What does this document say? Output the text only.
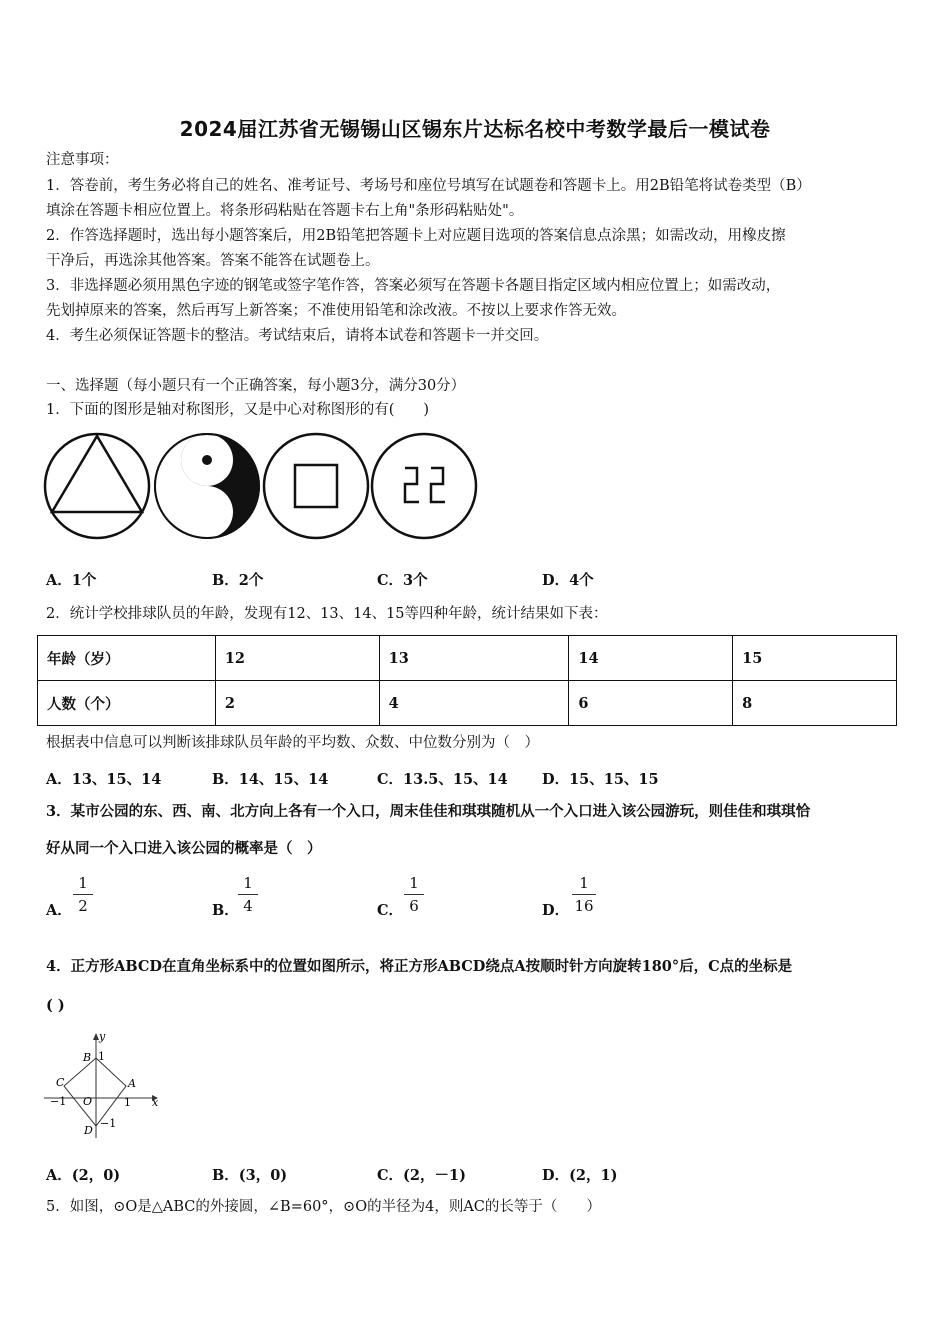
2024届江苏省无锡锡山区锡东片达标名校中考数学最后一模试卷
注意事项：
1．答卷前，考生务必将自己的姓名、准考证号、考场号和座位号填写在试题卷和答题卡上。用2B铅笔将试卷类型（B）
填涂在答题卡相应位置上。将条形码粘贴在答题卡右上角"条形码粘贴处"。
2．作答选择题时，选出每小题答案后，用2B铅笔把答题卡上对应题目选项的答案信息点涂黑；如需改动，用橡皮擦
干净后，再选涂其他答案。答案不能答在试题卷上。
3．非选择题必须用黑色字迹的钢笔或签字笔作答，答案必须写在答题卡各题目指定区域内相应位置上；如需改动，
先划掉原来的答案，然后再写上新答案；不准使用铅笔和涂改液。不按以上要求作答无效。
4．考生必须保证答题卡的整洁。考试结束后，请将本试卷和答题卡一并交回。
一、选择题（每小题只有一个正确答案，每小题3分，满分30分）
1．下面的图形是轴对称图形，又是中心对称图形的有(　　)
A．1个	B．2个	C．3个	D．4个
2．统计学校排球队员的年龄，发现有12、13、14、15等四种年龄，统计结果如下表：
年龄（岁）	12	13	14	15
人数（个）	2	4	6	8
根据表中信息可以判断该排球队员年龄的平均数、众数、中位数分别为（　）
A．13、15、14	B．14、15、14	C．13.5、15、14 D．15、15、15
3．某市公园的东、西、南、北方向上各有一个入口，周末佳佳和琪琪随机从一个入口进入该公园游玩，则佳佳和琪琪恰
好从同一个入口进入该公园的概率是（　）
A．
1
2	B．
1
4	C．
1
6	D．
1
16
4．正方形ABCD在直角坐标系中的位置如图所示，将正方形ABCD绕点A按顺时针方向旋转180°后，C点的坐标是
( )
y
x
B 1
C	A
−1 O	1
D
−1
A．(2，0)	B．(3，0)	C．(2，－1)	D．(2，1)
5．如图，⊙O是△ABC的外接圆，∠B=60°，⊙O的半径为4，则AC的长等于（　　）
